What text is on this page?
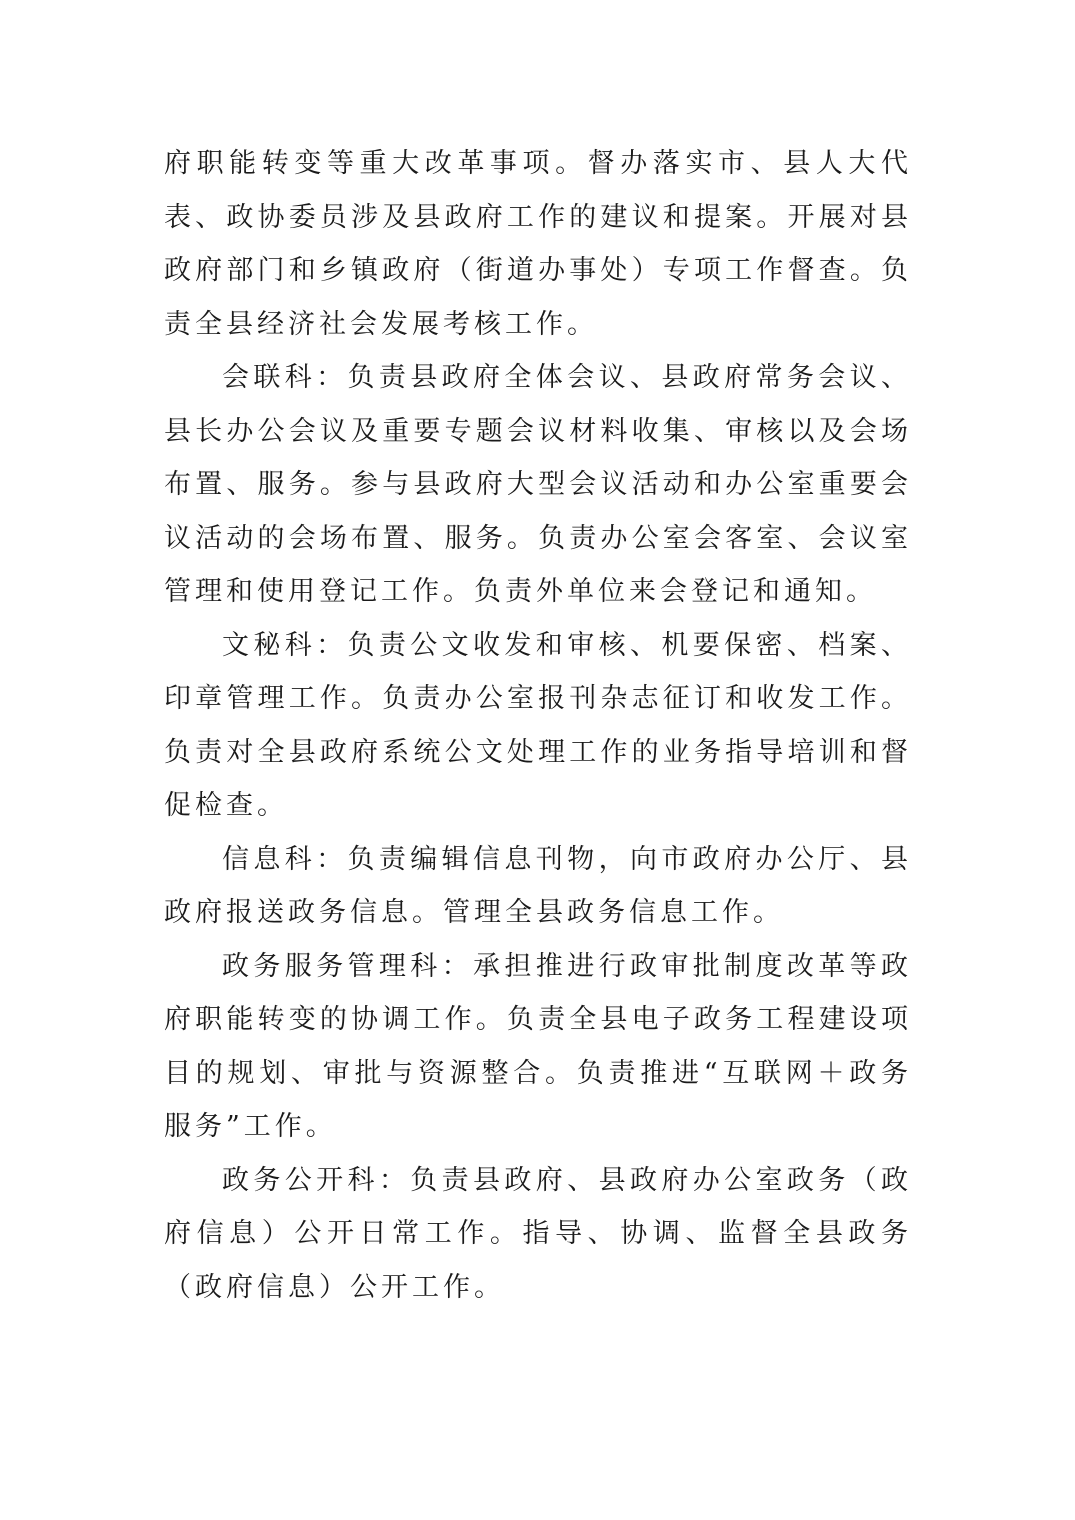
府职能转变等重大改革事项。督办落实市、县人大代表、政协委员涉及县政府工作的建议和提案。开展对县政府部门和乡镇政府（街道办事处）专项工作督查。负责全县经济社会发展考核工作。

会联科：负责县政府全体会议、县政府常务会议、县长办公会议及重要专题会议材料收集、审核以及会场布置、服务。参与县政府大型会议活动和办公室重要会议活动的会场布置、服务。负责办公室会客室、会议室管理和使用登记工作。负责外单位来会登记和通知。

文秘科：负责公文收发和审核、机要保密、档案、印章管理工作。负责办公室报刊杂志征订和收发工作。负责对全县政府系统公文处理工作的业务指导培训和督促检查。

信息科：负责编辑信息刊物，向市政府办公厅、县政府报送政务信息。管理全县政务信息工作。

政务服务管理科：承担推进行政审批制度改革等政府职能转变的协调工作。负责全县电子政务工程建设项目的规划、审批与资源整合。负责推进“互联网＋政务服务”工作。

政务公开科：负责县政府、县政府办公室政务（政府信息）公开日常工作。指导、协调、监督全县政务（政府信息）公开工作。
